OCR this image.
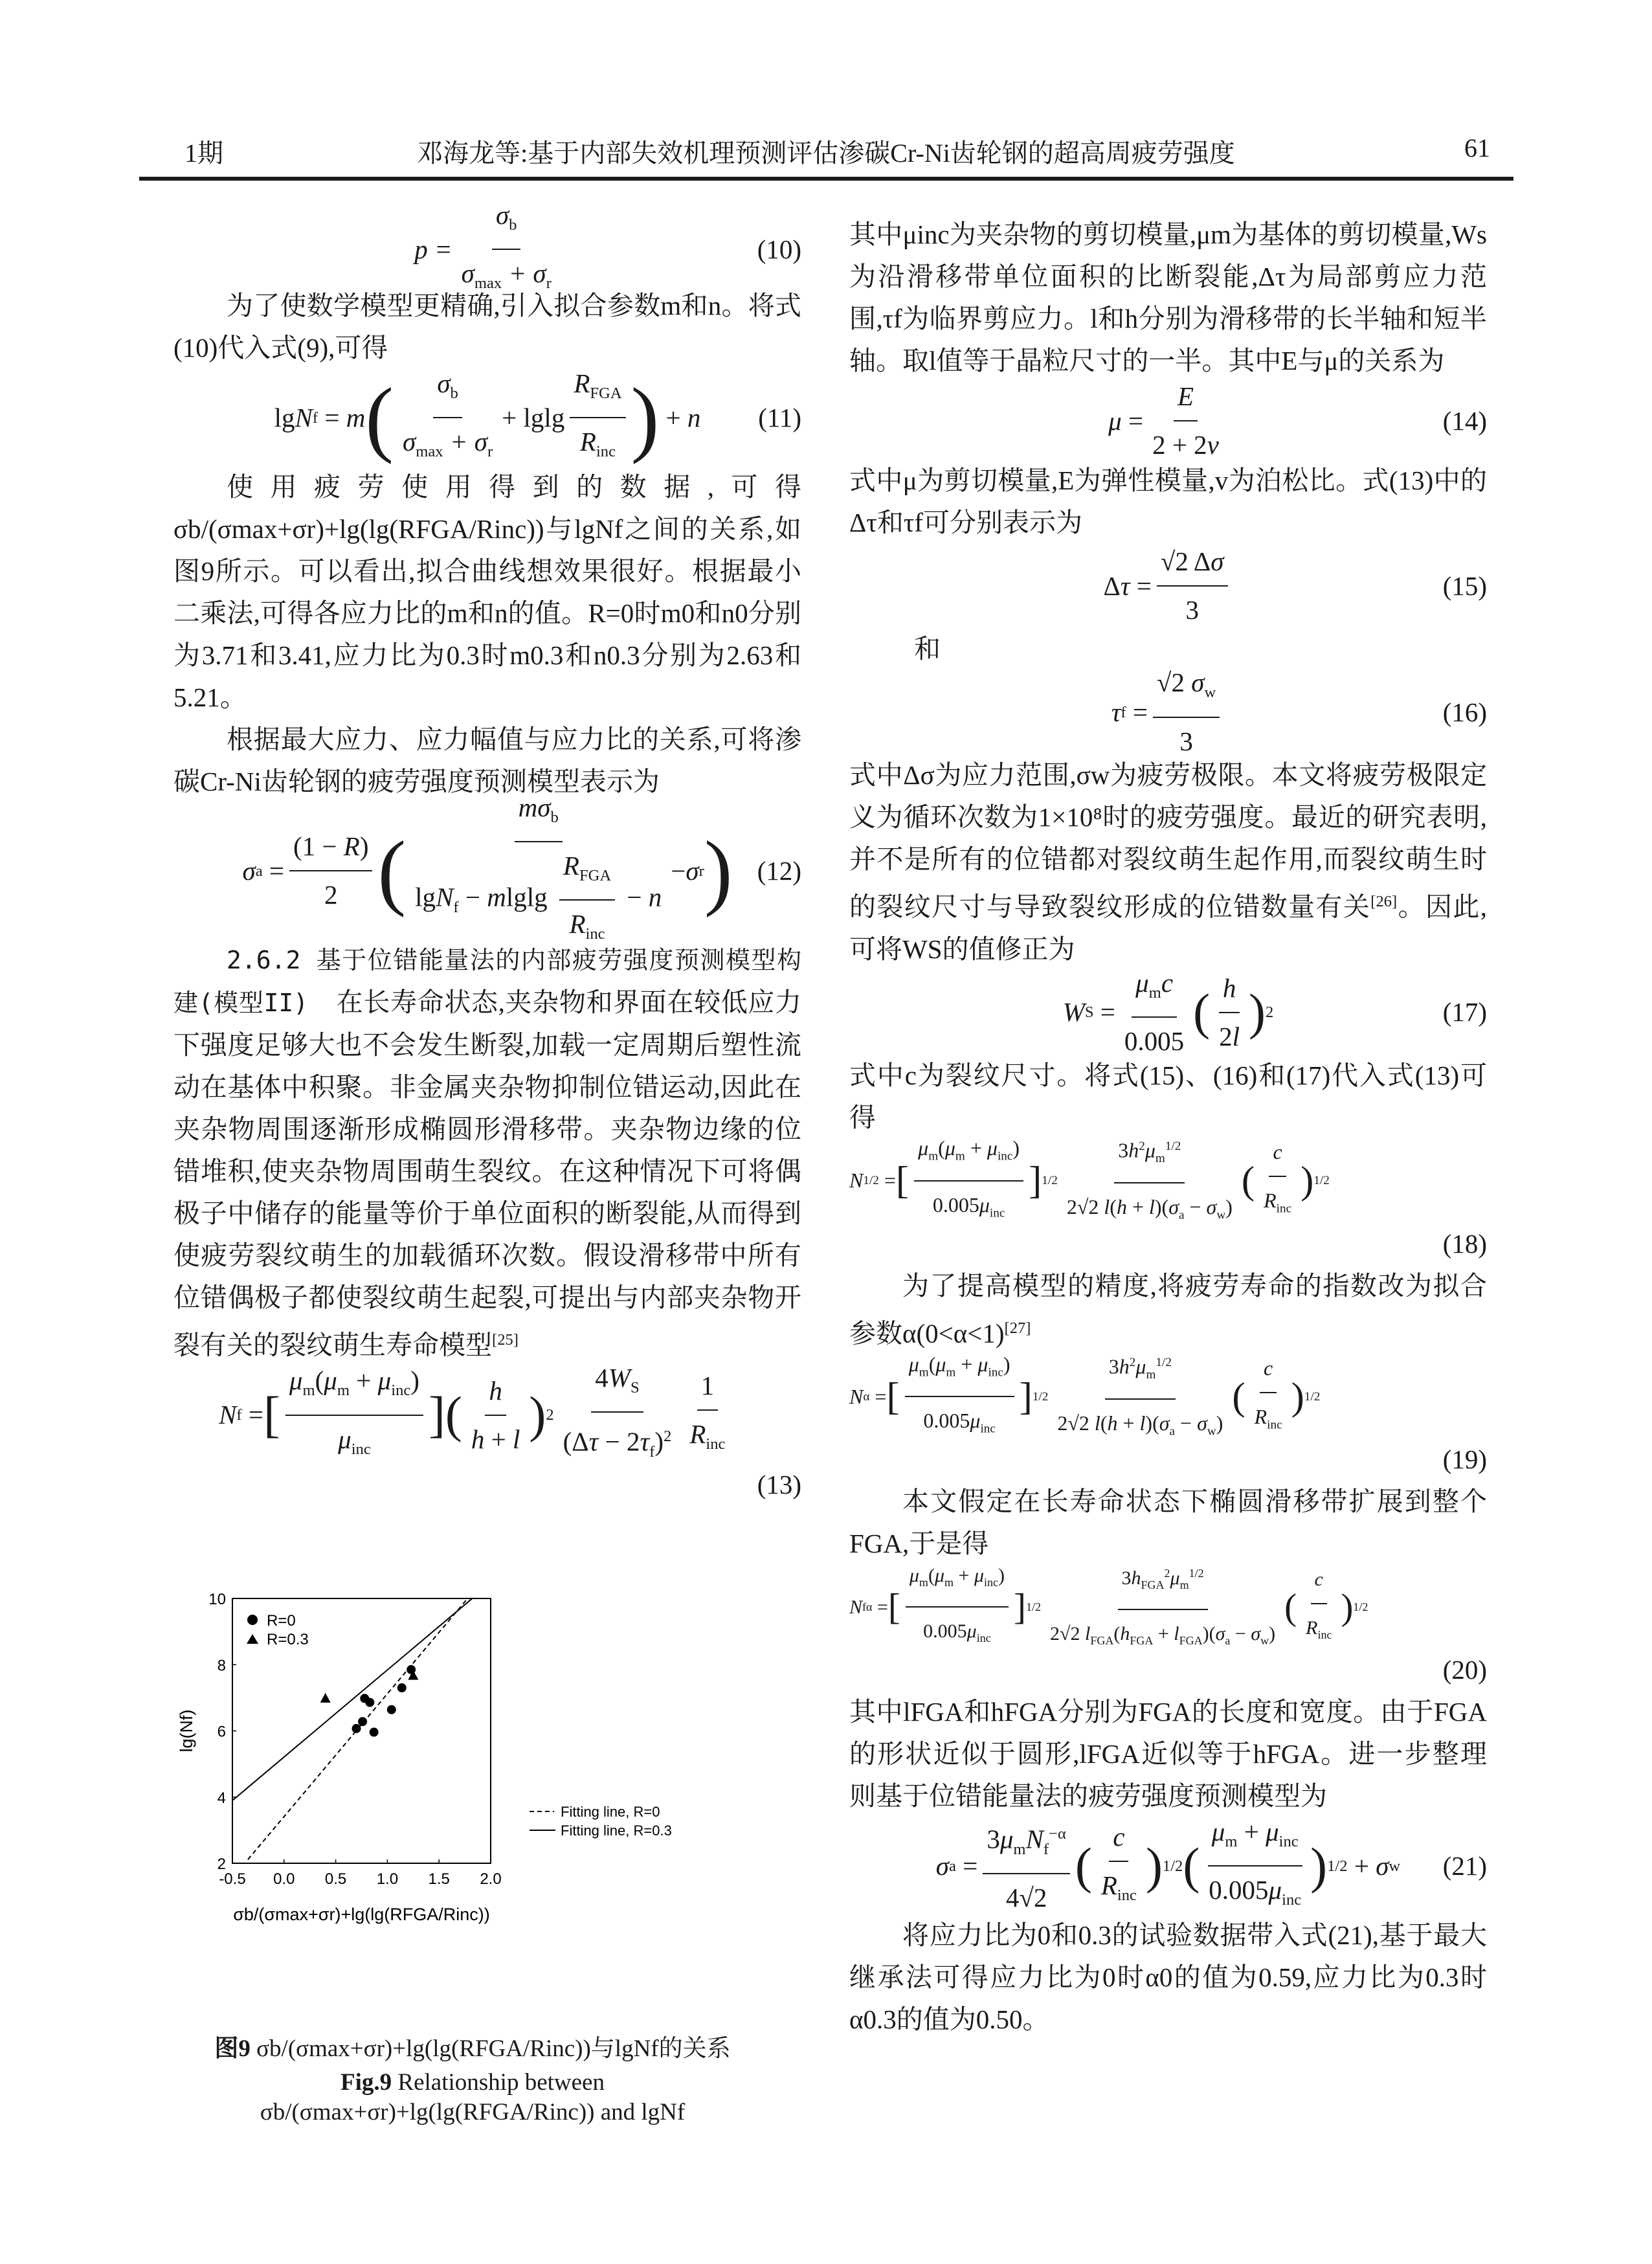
1期	邓海龙等:基于内部失效机理预测评估渗碳Cr-Ni齿轮钢的超高周疲劳强度	61
$p = \frac{\sigma_b}{\sigma_{max} + \sigma_r}$	(10)

为了使数学模型更精确,引入拟合参数m和n。将式(10)代入式(9),可得

lg N f
= m ( $\frac{\sigma_b}{\sigma_{max} + \sigma_r} + lglg \frac{R_{FGA}}{R_{inc}}$ )
+ n (11)

使用疲劳使用得到的数据,可得σb/(σmax+σr)+lg(lg(RFGA/Rinc))与lgNf之间的关系,如图9所示。可以看出,拟合曲线想效果很好。根据最小二乘法,可得各应力比的m和n的值。R=0时m0和n0分别为3.71和3.41,应力比为0.3时m0.3和n0.3分别为2.63和5.21。

根据最大应力、应力幅值与应力比的关系,可将渗碳Cr-Ni齿轮钢的疲劳强度预测模型表示为

σ a
= $\frac{(1 - R)}{2}$ ( $\frac{m\sigma_b}{\lg N_f - mlglg \frac{R_{FGA}}{R_{inc}} - n} - \sigma$ r ) (12)

2.6.2 基于位错能量法的内部疲劳强度预测模型构建(模型II) 在长寿命状态,夹杂物和界面在较低应力下强度足够大也不会发生断裂,加载一定周期后塑性流动在基体中积聚。非金属夹杂物抑制位错运动,因此在夹杂物周围逐渐形成椭圆形滑移带。夹杂物边缘的位错堆积,使夹杂物周围萌生裂纹。在这种情况下可将偶极子中储存的能量等价于单位面积的断裂能,从而得到使疲劳裂纹萌生的加载循环次数。假设滑移带中所有位错偶极子都使裂纹萌生起裂,可提出与内部夹杂物开裂有关的裂纹萌生寿命模型[25]

N f
= [ $\frac{\mu_m(\mu_m + \mu_{inc})}{\mu_{inc}}$ ] ( $\frac{h}{h + l}$ ) $2 \frac{4W_S}{(\Delta\tau - 2\tau_f)^2} \frac{1}{R_{inc}}$
(13)
-0.5 0.0 0.5 1.0 1.5 2.0
2
4
6
8
10
lg(Nf)
σb/(σmax+σr)+lg(lg(RFGA/Rinc))
R=0
R=0.3
Fitting line, R=0
Fitting line, R=0.3
图9 σb/(σmax+σr)+lg(lg(RFGA/Rinc))与lgNf的关系
Fig.9 Relationship between σb/(σmax+σr)+lg(lg(RFGA/Rinc)) and lgNf

其中μinc为夹杂物的剪切模量,μm为基体的剪切模量,Ws为沿滑移带单位面积的比断裂能,Δτ为局部剪应力范围,τf为临界剪应力。l和h分别为滑移带的长半轴和短半轴。取l值等于晶粒尺寸的一半。其中E与μ的关系为

$\mu = \frac{E}{2 + 2v}$	(14)

式中μ为剪切模量,E为弹性模量,v为泊松比。式(13)中的Δτ和τf可分别表示为

Δ $\tau = \frac{√2 \Delta\sigma}{3}$	(15)

和

τ f
= $\frac{√2 \sigma_w}{3}$	(16)

式中Δσ为应力范围,σw为疲劳极限。本文将疲劳极限定义为循环次数为1×10⁸时的疲劳强度。最近的研究表明,并不是所有的位错都对裂纹萌生起作用,而裂纹萌生时的裂纹尺寸与导致裂纹形成的位错数量有关[26]。因此,可将WS的值修正为

W S
= $\frac{\mu_mc}{0.005}$ ( $\frac{h}{2l}$ ) 2	(17)

式中c为裂纹尺寸。将式(15)、(16)和(17)代入式(13)可得

N 1/2
= [ $\frac{\mu_m(\mu_m + \mu_{inc})}{0.005\mu_{inc}}$ ] $1/2 \frac{3h^2\mu_m^{1/2}}{2√2 l(h + l)(\sigma_a - \sigma_w)}$ ( $\frac{c}{R_{inc}}$ ) 1/2
(18)

为了提高模型的精度,将疲劳寿命的指数改为拟合参数α(0<α<1)[27]

N α
= [ $\frac{\mu_m(\mu_m + \mu_{inc})}{0.005\mu_{inc}}$ ] $1/2 \frac{3h^2\mu_m^{1/2}}{2√2 l(h + l)(\sigma_a - \sigma_w)}$ ( $\frac{c}{R_{inc}}$ ) 1/2
(19)

本文假定在长寿命状态下椭圆滑移带扩展到整个FGA,于是得

N f α
= [ $\frac{\mu_m(\mu_m + \mu_{inc})}{0.005\mu_{inc}}$ ] $1/2 \frac{3h_{FGA}^2\mu_m^{1/2}}{2√2 l_{FGA}(h_{FGA} + l_{FGA})(\sigma_a - \sigma_w)}$ ( $\frac{c}{R_{inc}}$ ) 1/2
(20)

其中lFGA和hFGA分别为FGA的长度和宽度。由于FGA的形状近似于圆形,lFGA近似等于hFGA。进一步整理则基于位错能量法的疲劳强度预测模型为

σ a
= $\frac{3\mu_mN_f^{-\alpha}}{4√2}$ ( $\frac{c}{R_{inc}}$ ) 1/2 ( $\frac{\mu_m + \mu_{inc}}{0.005\mu_{inc}}$ ) 1/2 + σ w (21)

将应力比为0和0.3的试验数据带入式(21),基于最大继承法可得应力比为0时α0的值为0.59,应力比为0.3时α0.3的值为0.50。
